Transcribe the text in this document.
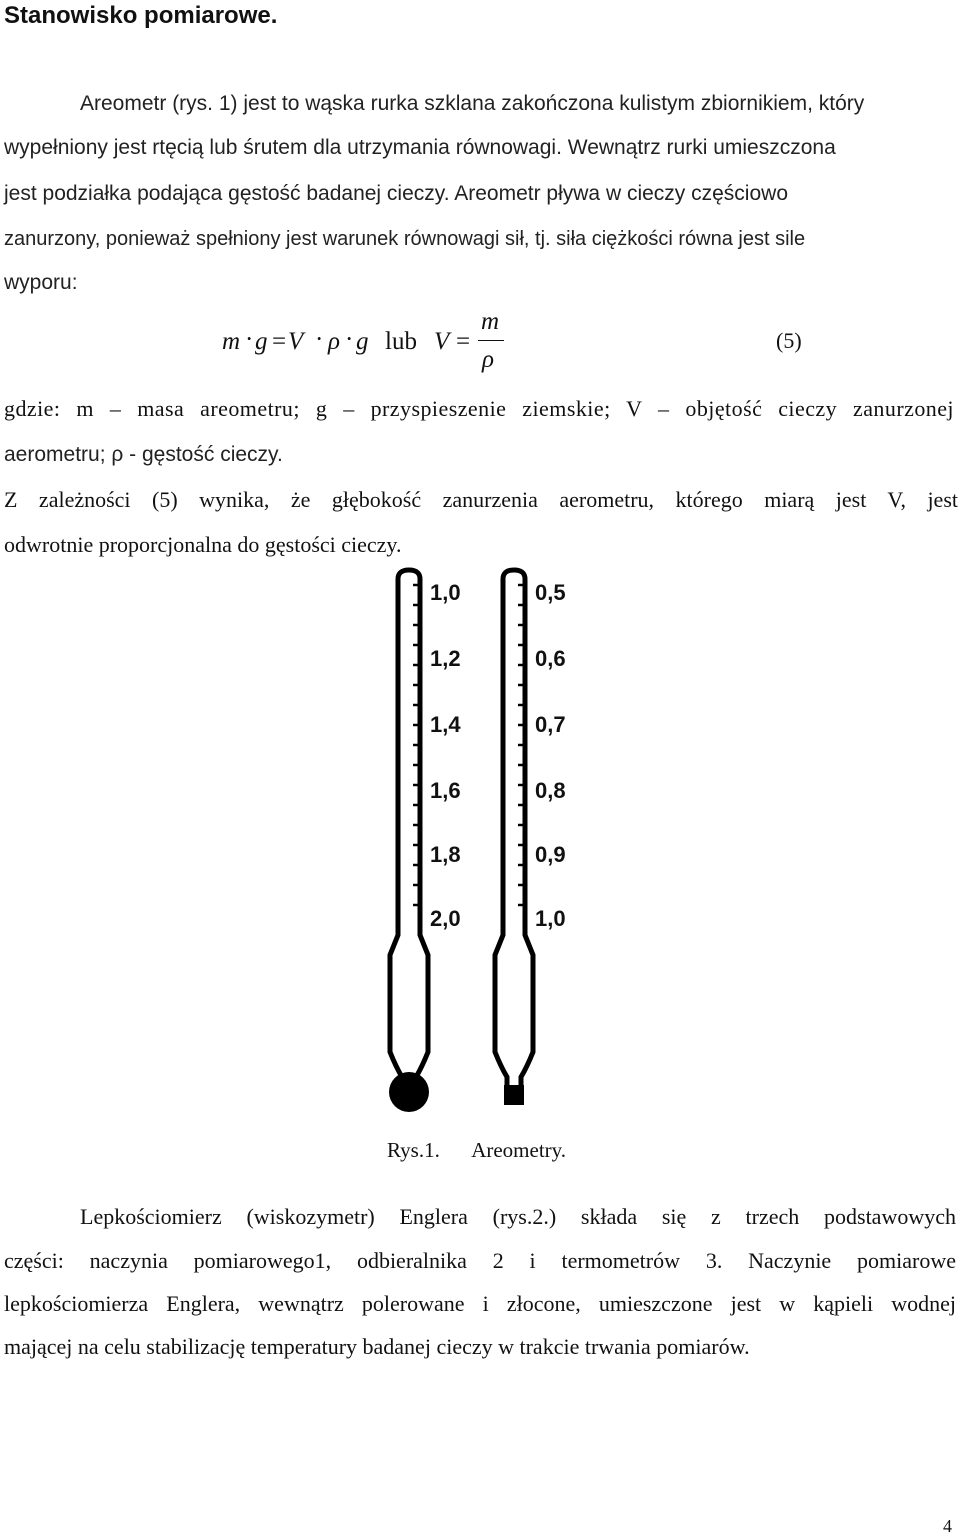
Stanowisko pomiarowe.
Areometr (rys. 1) jest to wąska rurka szklana zakończona kulistym zbiornikiem, który
wypełniony jest rtęcią lub śrutem dla utrzymania równowagi. Wewnątrz rurki umieszczona
jest podziałka podająca gęstość badanej cieczy. Areometr pływa w cieczy częściowo
zanurzony, ponieważ spełniony jest warunek równowagi sił, tj. siła ciężkości równa jest sile
wyporu:
m · g = V · ρ · g lub V =
m
ρ
(5)
gdzie: m – masa areometru; g – przyspieszenie ziemskie; V – objętość cieczy zanurzonej
aerometru; ρ - gęstość cieczy.
Z zależności (5) wynika, że głębokość zanurzenia aerometru, którego miarą jest V, jest
odwrotnie proporcjonalna do gęstości cieczy.
1,0
1,2
1,4
1,6
1,8
2,0
0,5
0,6
0,7
0,8
0,9
1,0
Rys.1. Areometry.
Lepkościomierz (wiskozymetr) Englera (rys.2.) składa się z trzech podstawowych
części: naczynia pomiarowego1, odbieralnika 2 i termometrów 3. Naczynie pomiarowe
lepkościomierza Englera, wewnątrz polerowane i złocone, umieszczone jest w kąpieli wodnej
mającej na celu stabilizację temperatury badanej cieczy w trakcie trwania pomiarów.
4
